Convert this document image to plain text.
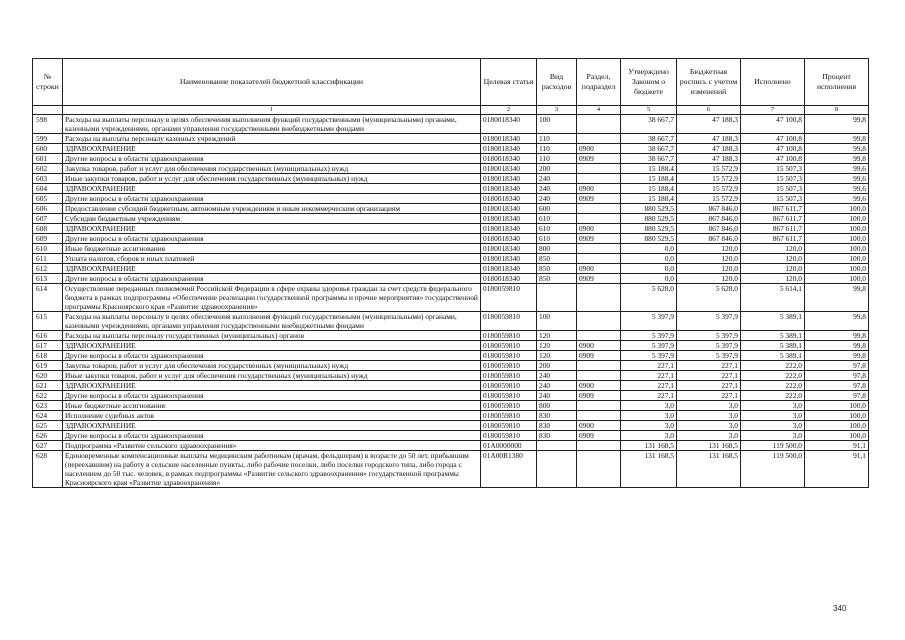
№ строки	Наименование показателей бюджетной классификации	Целевая статья	Вид расходов	Раздел, подраздел	Утверждено Законом о бюджете	Бюджетная роспись с учетом изменений	Исполнено	Процент исполнения
	1	2	3	4	5	6	7	8
598	Расходы на выплаты персоналу в целях обеспечения выполнения функций государственными (муниципальными) органами, казенными учреждениями, органами управления государственными внебюджетными фондами	0180018340	100		38 667,7	47 188,3	47 100,8	99,8
599	Расходы на выплаты персоналу казенных учреждений	0180018340	110		38 667,7	47 188,3	47 100,8	99,8
600	ЗДРАВООХРАНЕНИЕ	0180018340	110	0900	38 667,7	47 188,3	47 100,8	99,8
601	Другие вопросы в области здравоохранения	0180018340	110	0909	38 667,7	47 188,3	47 100,8	99,8
602	Закупка товаров, работ и услуг для обеспечения государственных (муниципальных) нужд	0180018340	200		15 188,4	15 572,9	15 507,3	99,6
603	Иные закупки товаров, работ и услуг для обеспечения государственных (муниципальных) нужд	0180018340	240		15 188,4	15 572,9	15 507,3	99,6
604	ЗДРАВООХРАНЕНИЕ	0180018340	240	0900	15 188,4	15 572,9	15 507,3	99,6
605	Другие вопросы в области здравоохранения	0180018340	240	0909	15 188,4	15 572,9	15 507,3	99,6
606	Предоставление субсидий бюджетным, автономным учреждениям и иным некоммерческим организациям	0180018340	600		880 529,5	867 846,0	867 611,7	100,0
607	Субсидии бюджетным учреждениям	0180018340	610		880 529,5	867 846,0	867 611,7	100,0
608	ЗДРАВООХРАНЕНИЕ	0180018340	610	0900	880 529,5	867 846,0	867 611,7	100,0
609	Другие вопросы в области здравоохранения	0180018340	610	0909	880 529,5	867 846,0	867 611,7	100,0
610	Иные бюджетные ассигнования	0180018340	800		0,0	120,0	120,0	100,0
611	Уплата налогов, сборов и иных платежей	0180018340	850		0,0	120,0	120,0	100,0
612	ЗДРАВООХРАНЕНИЕ	0180018340	850	0900	0,0	120,0	120,0	100,0
613	Другие вопросы в области здравоохранения	0180018340	850	0909	0,0	120,0	120,0	100,0
614	Осуществление переданных полномочий Российской Федерации в сфере охраны здоровья граждан за счет средств федерального бюджета в рамках подпрограммы «Обеспечение реализации государственной программы и прочие мероприятия» государственной программы Красноярского края «Развитие здравоохранения»	0180059810			5 628,0	5 628,0	5 614,1	99,8
615	Расходы на выплаты персоналу в целях обеспечения выполнения функций государственными (муниципальными) органами, казенными учреждениями, органами управления государственными внебюджетными фондами	0180059810	100		5 397,9	5 397,9	5 389,1	99,8
616	Расходы на выплаты персоналу государственных (муниципальных) органов	0180059810	120		5 397,9	5 397,9	5 389,1	99,8
617	ЗДРАВООХРАНЕНИЕ	0180059810	120	0900	5 397,9	5 397,9	5 389,1	99,8
618	Другие вопросы в области здравоохранения	0180059810	120	0909	5 397,9	5 397,9	5 389,1	99,8
619	Закупка товаров, работ и услуг для обеспечения государственных (муниципальных) нужд	0180059810	200		227,1	227,1	222,0	97,8
620	Иные закупки товаров, работ и услуг для обеспечения государственных (муниципальных) нужд	0180059810	240		227,1	227,1	222,0	97,8
621	ЗДРАВООХРАНЕНИЕ	0180059810	240	0900	227,1	227,1	222,0	97,8
622	Другие вопросы в области здравоохранения	0180059810	240	0909	227,1	227,1	222,0	97,8
623	Иные бюджетные ассигнования	0180059810	800		3,0	3,0	3,0	100,0
624	Исполнение судебных актов	0180059810	830		3,0	3,0	3,0	100,0
625	ЗДРАВООХРАНЕНИЕ	0180059810	830	0900	3,0	3,0	3,0	100,0
626	Другие вопросы в области здравоохранения	0180059810	830	0909	3,0	3,0	3,0	100,0
627	Подпрограмма «Развитие сельского здравоохранения»	01А0000000			131 168,5	131 168,5	119 500,0	91,1
628	Единовременные компенсационные выплаты медицинским работникам (врачам, фельдшерам) в возрасте до 50 лет, прибывшим (переехавшим) на работу в сельские населенные пункты, либо рабочие поселки, либо поселки городского типа, либо города с населением до 50 тыс. человек, в рамках подпрограммы «Развитие сельского здравоохранения» государственной программы Красноярского края «Развитие здравоохранения»	01А00R1380			131 168,5	131 168,5	119 500,0	91,1
340
